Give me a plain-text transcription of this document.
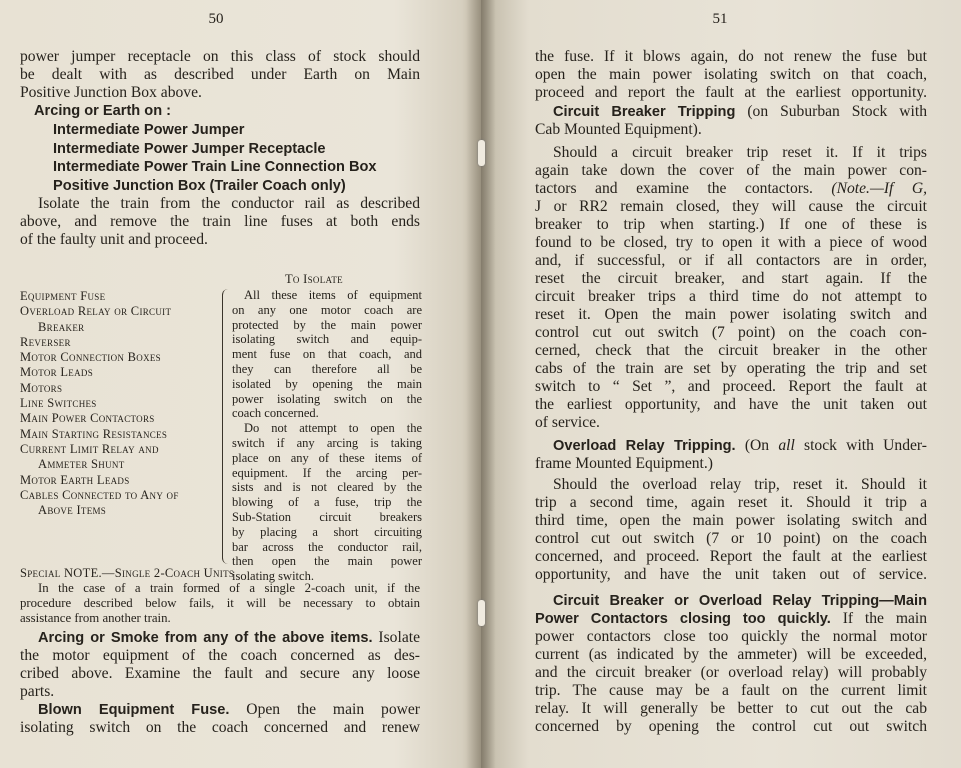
50	51
power jumper receptacle on this class of stock should
be dealt with as described under Earth on Main
Positive Junction Box above.
Arcing or Earth on :
Intermediate Power Jumper
Intermediate Power Jumper Receptacle
Intermediate Power Train Line Connection Box
Positive Junction Box (Trailer Coach only)
Isolate the train from the conductor rail as described
above, and remove the train line fuses at both ends
of the faulty unit and proceed.
To Isolate
Equipment Fuse
Overload Relay or Circuit
Breaker
Reverser
Motor Connection Boxes
Motor Leads
Motors
Line Switches
Main Power Contactors
Main Starting Resistances
Current Limit Relay and
Ammeter Shunt
Motor Earth Leads
Cables Connected to Any of
Above Items
All these items of equipment
on any one motor coach are
protected by the main power
isolating switch and equip-
ment fuse on that coach, and
they can therefore all be
isolated by opening the main
power isolating switch on the
coach concerned.
Do not attempt to open the
switch if any arcing is taking
place on any of these items of
equipment. If the arcing per-
sists and is not cleared by the
blowing of a fuse, trip the
Sub-Station circuit breakers
by placing a short circuiting
bar across the conductor rail,
then open the main power
isolating switch.
Special NOTE.—Single 2-Coach Units
In the case of a train formed of a single 2-coach unit, if the
procedure described below fails, it will be necessary to obtain
assistance from another train.
Arcing or Smoke from any of the above items. Isolate
the motor equipment of the coach concerned as des-
cribed above. Examine the fault and secure any loose
parts.
Blown Equipment Fuse. Open the main power
isolating switch on the coach concerned and renew
the fuse. If it blows again, do not renew the fuse but
open the main power isolating switch on that coach,
proceed and report the fault at the earliest opportunity.
Circuit Breaker Tripping (on Suburban Stock with
Cab Mounted Equipment).
Should a circuit breaker trip reset it. If it trips
again take down the cover of the main power con-
tactors and examine the contactors. (Note.—If G,
J or RR2 remain closed, they will cause the circuit
breaker to trip when starting.) If one of these is
found to be closed, try to open it with a piece of wood
and, if successful, or if all contactors are in order,
reset the circuit breaker, and start again. If the
circuit breaker trips a third time do not attempt to
reset it. Open the main power isolating switch and
control cut out switch (7 point) on the coach con-
cerned, check that the circuit breaker in the other
cabs of the train are set by operating the trip and set
switch to “ Set ”, and proceed. Report the fault at
the earliest opportunity, and have the unit taken out
of service.
Overload Relay Tripping. (On all stock with Under-
frame Mounted Equipment.)
Should the overload relay trip, reset it. Should it
trip a second time, again reset it. Should it trip a
third time, open the main power isolating switch and
control cut out switch (7 or 10 point) on the coach
concerned, and proceed. Report the fault at the earliest
opportunity, and have the unit taken out of service.
Circuit Breaker or Overload Relay Tripping—Main
Power Contactors closing too quickly. If the main
power contactors close too quickly the normal motor
current (as indicated by the ammeter) will be exceeded,
and the circuit breaker (or overload relay) will probably
trip. The cause may be a fault on the current limit
relay. It will generally be better to cut out the cab
concerned by opening the control cut out switch
